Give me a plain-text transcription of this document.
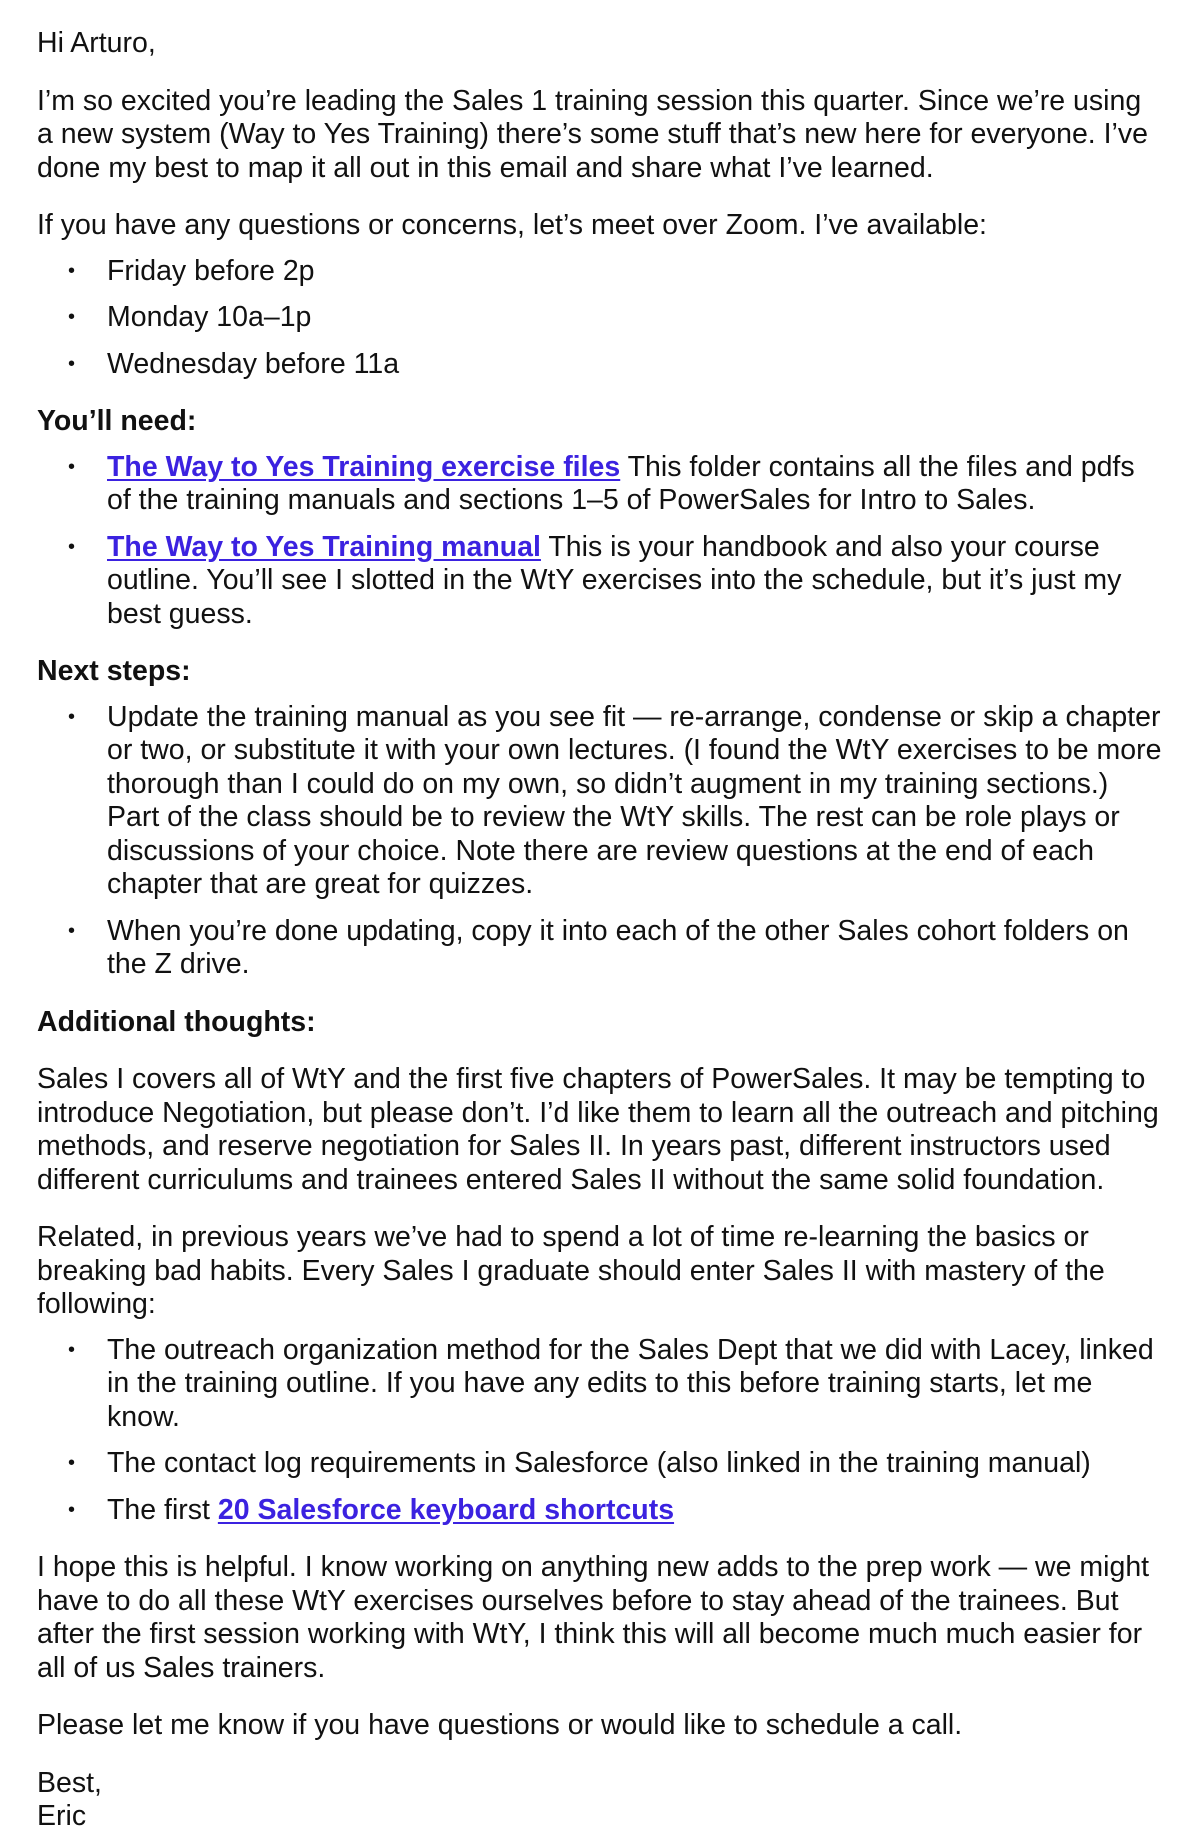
Hi Arturo,

I’m so excited you’re leading the Sales 1 training session this quarter. Since we’re using a new system (Way to Yes Training) there’s some stuff that’s new here for everyone. I’ve done my best to map it all out in this email and share what I’ve learned.

If you have any questions or concerns, let’s meet over Zoom. I’ve available:

• Friday before 2p
• Monday 10a–1p
• Wednesday before 11a

You’ll need:

• The Way to Yes Training exercise files This folder contains all the files and pdfs of the training manuals and sections 1–5 of PowerSales for Intro to Sales.
• The Way to Yes Training manual This is your handbook and also your course outline. You’ll see I slotted in the WtY exercises into the schedule, but it’s just my best guess.

Next steps:

• Update the training manual as you see fit — re-arrange, condense or skip a chapter or two, or substitute it with your own lectures. (I found the WtY exercises to be more thorough than I could do on my own, so didn’t augment in my training sections.) Part of the class should be to review the WtY skills. The rest can be role plays or discussions of your choice. Note there are review questions at the end of each chapter that are great for quizzes.
• When you’re done updating, copy it into each of the other Sales cohort folders on the Z drive.

Additional thoughts:

Sales I covers all of WtY and the first five chapters of PowerSales. It may be tempting to introduce Negotiation, but please don’t. I’d like them to learn all the outreach and pitching methods, and reserve negotiation for Sales II. In years past, different instructors used different curriculums and trainees entered Sales II without the same solid foundation.

Related, in previous years we’ve had to spend a lot of time re-learning the basics or breaking bad habits. Every Sales I graduate should enter Sales II with mastery of the following:

• The outreach organization method for the Sales Dept that we did with Lacey, linked in the training outline. If you have any edits to this before training starts, let me know.
• The contact log requirements in Salesforce (also linked in the training manual)
• The first 20 Salesforce keyboard shortcuts

I hope this is helpful. I know working on anything new adds to the prep work — we might have to do all these WtY exercises ourselves before to stay ahead of the trainees. But after the first session working with WtY, I think this will all become much much easier for all of us Sales trainers.

Please let me know if you have questions or would like to schedule a call.

Best,
Eric
